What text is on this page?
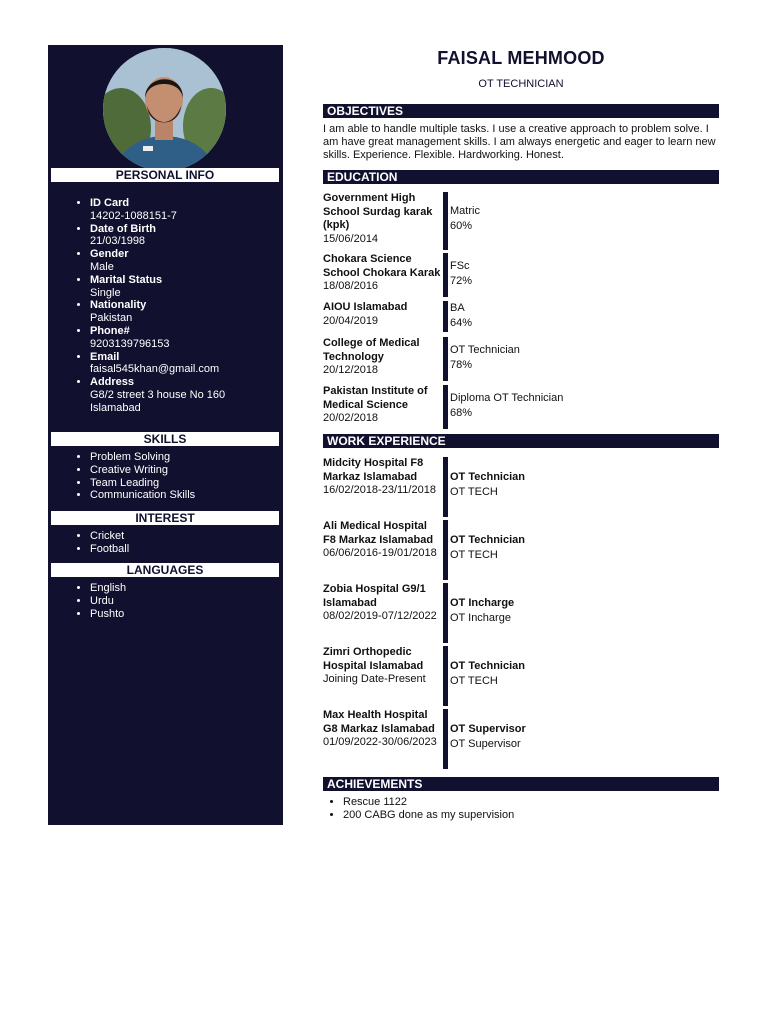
PERSONAL INFO
• ID Card
14202-1088151-7
• Date of Birth
21/03/1998
• Gender
Male
• Marital Status
Single
• Nationality
Pakistan
• Phone#
9203139796153
• Email
faisal545khan@gmail.com
• Address
G8/2 street 3 house No 160 Islamabad
SKILLS
• Problem Solving
• Creative Writing
• Team Leading
• Communication Skills
INTEREST
• Cricket
• Football
LANGUAGES
• English
• Urdu
• Pushto
FAISAL MEHMOOD
OT TECHNICIAN
OBJECTIVES

I am able to handle multiple tasks. I use a creative approach to problem solve. I am have great management skills. I am always energetic and eager to learn new skills. Experience. Flexible. Hardworking. Honest.

EDUCATION
Government High School Surdag karak (kpk)
15/06/2014
Matric
60%
Chokara Science School Chokara Karak
18/08/2016
FSc
72%
AIOU Islamabad
20/04/2019
BA
64%
College of Medical Technology
20/12/2018
OT Technician
78%
Pakistan Institute of Medical Science
20/02/2018
Diploma OT Technician
68%
WORK EXPERIENCE
Midcity Hospital F8 Markaz Islamabad
16/02/2018-23/11/2018
OT Technician
OT TECH
Ali Medical Hospital F8 Markaz Islamabad
06/06/2016-19/01/2018
OT Technician
OT TECH
Zobia Hospital G9/1 Islamabad
08/02/2019-07/12/2022
OT Incharge
OT Incharge
Zimri Orthopedic Hospital Islamabad
Joining Date-Present
OT Technician
OT TECH
Max Health Hospital G8 Markaz Islamabad
01/09/2022-30/06/2023
OT Supervisor
OT Supervisor
ACHIEVEMENTS
• Rescue 1122
• 200 CABG done as my supervision
